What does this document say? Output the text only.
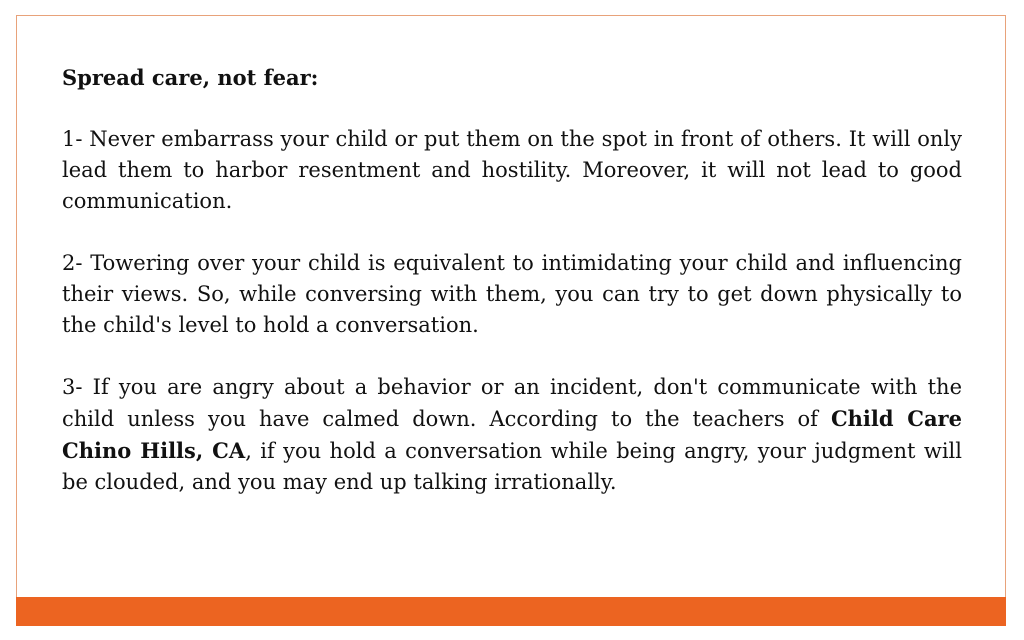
Spread care, not fear:

1- Never embarrass your child or put them on the spot in front of others. It will only lead them to harbor resentment and hostility. Moreover, it will not lead to good communication.

2- Towering over your child is equivalent to intimidating your child and influencing their views. So, while conversing with them, you can try to get down physically to the child's level to hold a conversation.

3- If you are angry about a behavior or an incident, don't communicate with the child unless you have calmed down. According to the teachers of Child Care Chino Hills, CA, if you hold a conversation while being angry, your judgment will be clouded, and you may end up talking irrationally.
